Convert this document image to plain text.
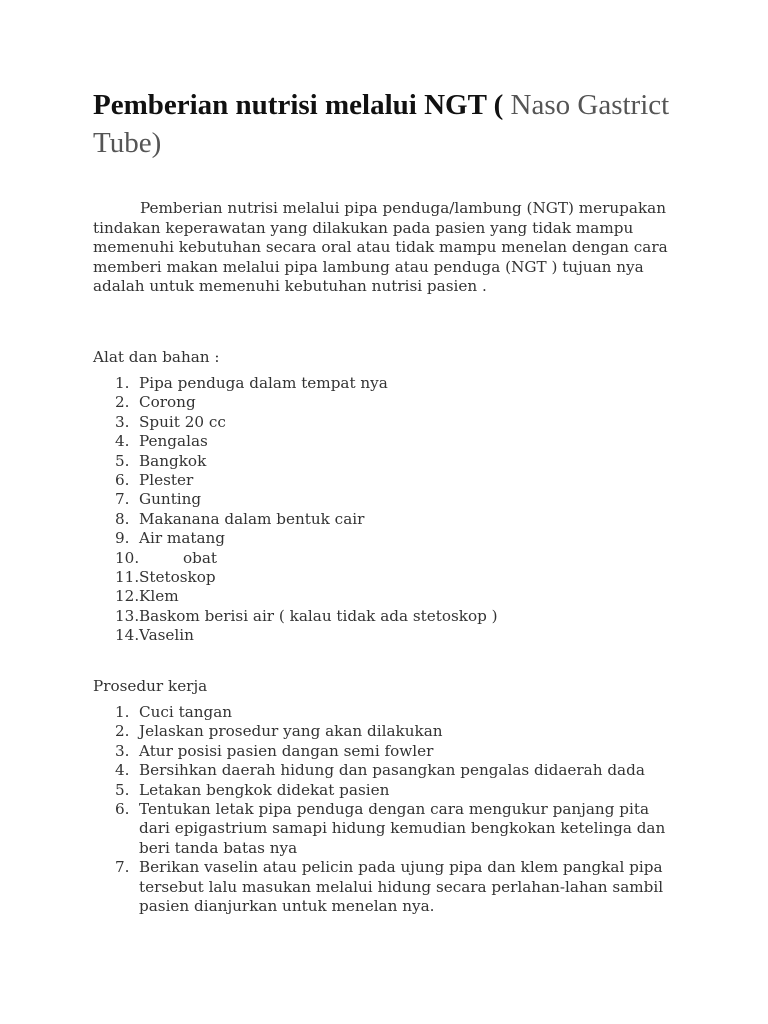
Pemberian nutrisi melalui NGT ( Naso Gastrict Tube)

Pemberian nutrisi melalui pipa penduga/lambung (NGT) merupakan tindakan keperawatan yang dilakukan pada pasien yang tidak mampu memenuhi kebutuhan secara oral atau tidak mampu menelan dengan cara memberi makan melalui pipa lambung atau penduga (NGT ) tujuan nya adalah untuk memenuhi kebutuhan nutrisi pasien .

Alat dan bahan :

1. Pipa penduga dalam tempat nya
2. Corong
3. Spuit 20 cc
4. Pengalas
5. Bangkok
6. Plester
7. Gunting
8. Makanana dalam bentuk cair
9. Air matang
10.	obat
11. Stetoskop
12. Klem
13. Baskom berisi air ( kalau tidak ada stetoskop )
14. Vaselin

Prosedur kerja

1. Cuci tangan
2. Jelaskan prosedur yang akan dilakukan
3. Atur posisi pasien dangan semi fowler
4. Bersihkan daerah hidung dan pasangkan pengalas didaerah dada
5. Letakan bengkok didekat pasien
6. Tentukan letak pipa penduga dengan cara mengukur panjang pita dari epigastrium samapi hidung kemudian bengkokan ketelinga dan beri tanda batas nya
7. Berikan vaselin atau pelicin pada ujung pipa dan klem pangkal pipa tersebut lalu masukan melalui hidung secara perlahan-lahan sambil pasien dianjurkan untuk menelan nya.
